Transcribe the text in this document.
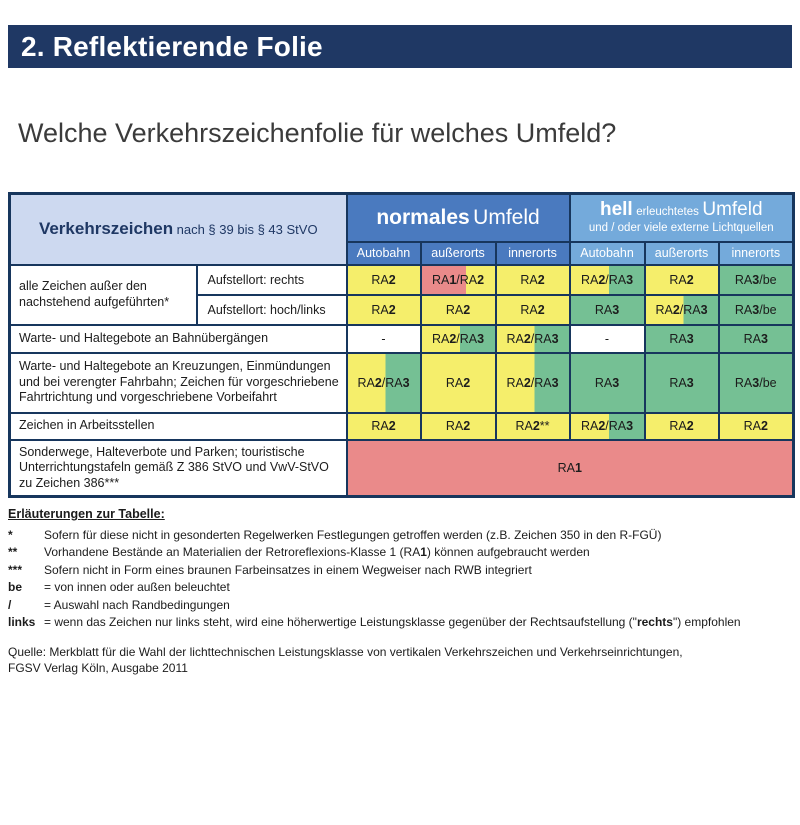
2. Reflektierende Folie
Welche Verkehrszeichenfolie für welches Umfeld?
Verkehrszeichen nach § 39 bis § 43 StVO		normales Umfeld			hell erleuchtetes Umfeld
und / oder viele externe Lichtquellen		

		Autobahn	außerorts	innerorts	Autobahn	außerorts	innerorts
alle Zeichen außer den nachstehend aufgeführten*	Aufstellort: rechts	RA2	RA1/RA2	RA2	RA2/RA3	RA2	RA3/be
	Aufstellort: hoch/links	RA2	RA2	RA2	RA3	RA2/RA3	RA3/be
Warte- und Haltegebote an Bahnübergängen		-	RA2/RA3	RA2/RA3	-	RA3	RA3
Warte- und Haltegebote an Kreuzungen, Einmündungen und bei verengter Fahrbahn; Zeichen für vorgeschriebene Fahrtrichtung und vorgeschriebene Vorbeifahrt		RA2/RA3	RA2	RA2/RA3	RA3	RA3	RA3/be
Zeichen in Arbeitsstellen		RA2	RA2	RA2**	RA2/RA3	RA2	RA2
Sonderwege, Halteverbote und Parken; touristische Unterrichtungstafeln gemäß Z 386 StVO und VwV-StVO zu Zeichen 386***		RA1					
Erläuterungen zur Tabelle:
*	Sofern für diese nicht in gesonderten Regelwerken Festlegungen getroffen werden (z.B. Zeichen 350 in den R-FGÜ)
**	Vorhandene Bestände an Materialien der Retroreflexions-Klasse 1 (RA1) können aufgebraucht werden
***	Sofern nicht in Form eines braunen Farbeinsatzes in einem Wegweiser nach RWB integriert
be	= von innen oder außen beleuchtet
/	= Auswahl nach Randbedingungen
links = wenn das Zeichen nur links steht, wird eine höherwertige Leistungsklasse gegenüber der Rechtsaufstellung ("rechts") empfohlen

Quelle: Merkblatt für die Wahl der lichttechnischen Leistungsklasse von vertikalen Verkehrszeichen und Verkehrseinrichtungen,
FGSV Verlag Köln, Ausgabe 2011
